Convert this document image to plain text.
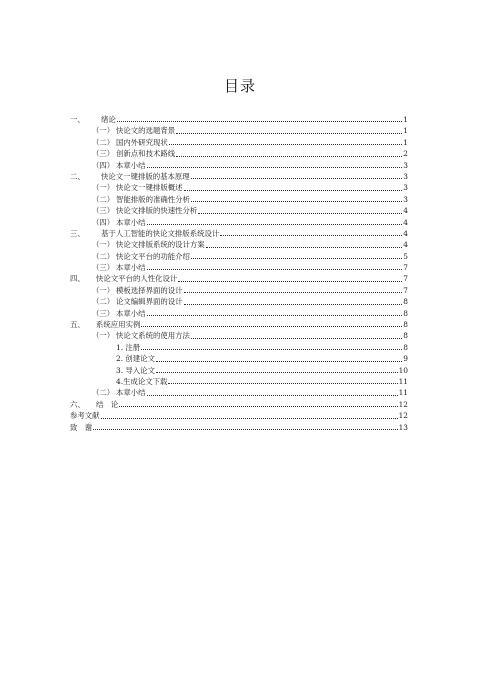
目录
一、	绪论	1
（一） 快论文的选题背景	1
（二） 国内外研究现状	1
（三） 创新点和技术路线	2
（四） 本章小结	3
二、	快论文一键排版的基本原理	3
（一） 快论文一键排版概述	3
（二） 智能排版的准确性分析	3
（三） 快论文排版的快速性分析	4
（四） 本章小结	4
三、	基于人工智能的快论文排版系统设计	4
（一） 快论文排版系统的设计方案	4
（二） 快论文平台的功能介绍	5
（三） 本章小结	7
四、	快论文平台的人性化设计	7
（一） 模板选择界面的设计	7
（二） 论文编辑界面的设计	8
（三） 本章小结	8
五、	系统应用实例	8
（一） 快论文系统的使用方法	8
1. 注册	8
2. 创建论文	9
3. 导入论文	10
4.生成论文下载	11
（二） 本章小结	11
六、	结　论	12
参考文献	12
致　谢	13
